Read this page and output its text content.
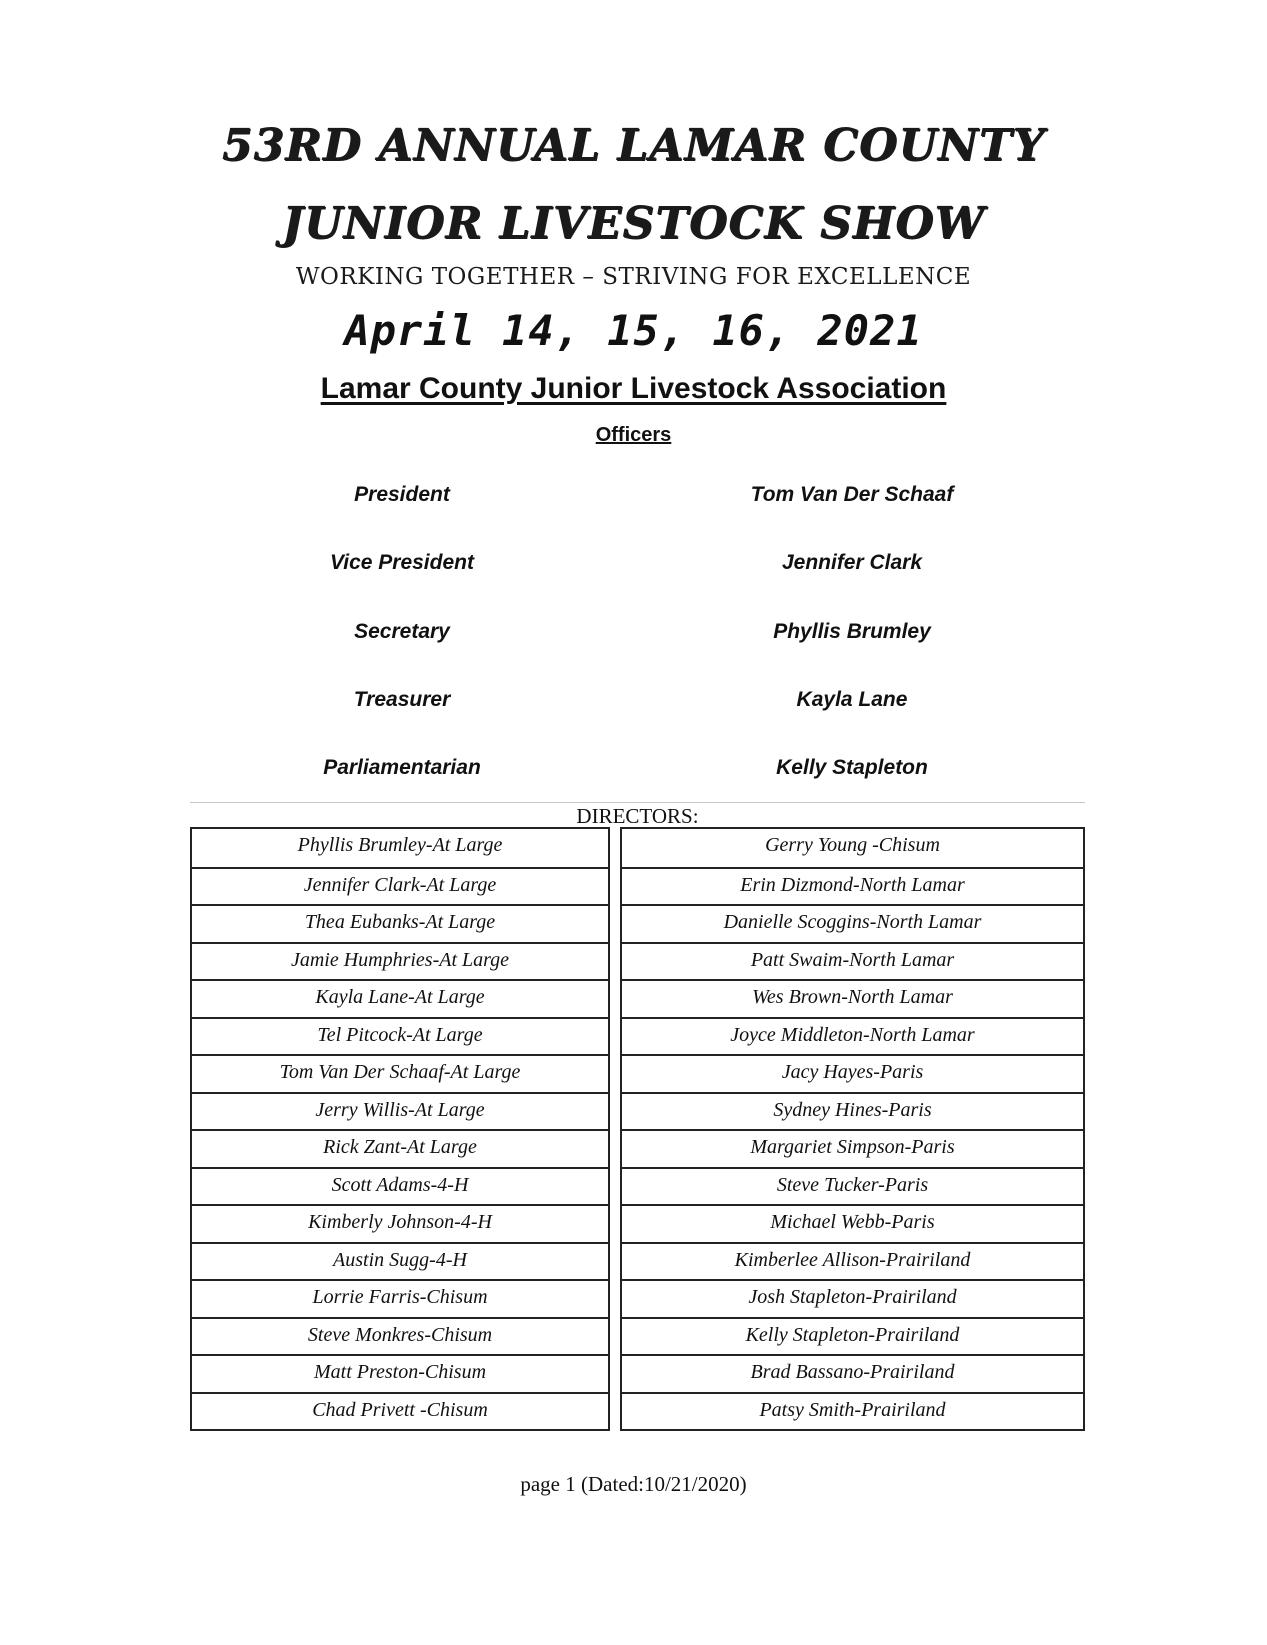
53RD ANNUAL LAMAR COUNTY
JUNIOR LIVESTOCK SHOW
WORKING TOGETHER – STRIVING FOR EXCELLENCE
April 14, 15, 16, 2021
Lamar County Junior Livestock Association
Officers
President	Tom Van Der Schaaf
Vice President	Jennifer Clark
Secretary	Phyllis Brumley
Treasurer	Kayla Lane
Parliamentarian	Kelly Stapleton
DIRECTORS:
Phyllis Brumley-At Large
Jennifer Clark-At Large
Thea Eubanks-At Large
Jamie Humphries-At Large
Kayla Lane-At Large
Tel Pitcock-At Large
Tom Van Der Schaaf-At Large
Jerry Willis-At Large
Rick Zant-At Large
Scott Adams-4-H
Kimberly Johnson-4-H
Austin Sugg-4-H
Lorrie Farris-Chisum
Steve Monkres-Chisum
Matt Preston-Chisum
Chad Privett -Chisum
Gerry Young -Chisum
Erin Dizmond-North Lamar
Danielle Scoggins-North Lamar
Patt Swaim-North Lamar
Wes Brown-North Lamar
Joyce Middleton-North Lamar
Jacy Hayes-Paris
Sydney Hines-Paris
Margariet Simpson-Paris
Steve Tucker-Paris
Michael Webb-Paris
Kimberlee Allison-Prairiland
Josh Stapleton-Prairiland
Kelly Stapleton-Prairiland
Brad Bassano-Prairiland
Patsy Smith-Prairiland
page 1 (Dated:10/21/2020)
